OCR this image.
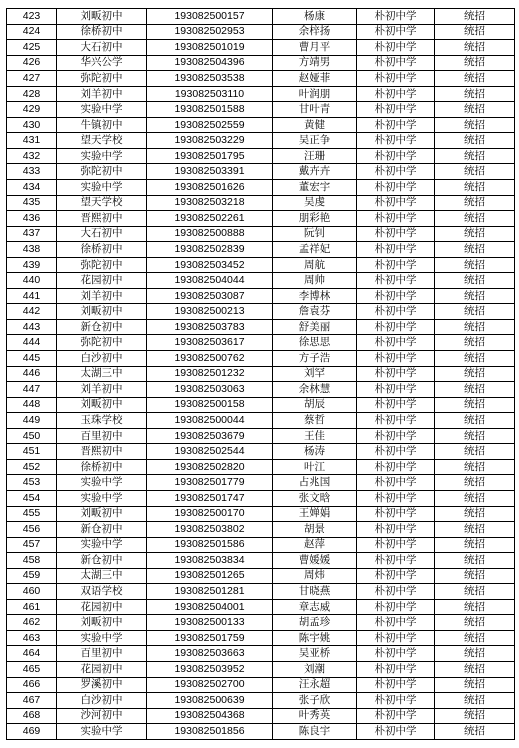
423	刘畈初中	193082500157	杨康	朴初中学	统招
424	徐桥初中	193082502953	余梓扬	朴初中学	统招
425	大石初中	193082501019	曹月平	朴初中学	统招
426	华兴公学	193082504396	方靖男	朴初中学	统招
427	弥陀初中	193082503538	赵娅菲	朴初中学	统招
428	刘羊初中	193082503110	叶润朋	朴初中学	统招
429	实验中学	193082501588	甘叶青	朴初中学	统招
430	牛镇初中	193082502559	黄健	朴初中学	统招
431	望天学校	193082503229	吴正争	朴初中学	统招
432	实验中学	193082501795	汪珊	朴初中学	统招
433	弥陀初中	193082503391	戴卉卉	朴初中学	统招
434	实验中学	193082501626	董宏宇	朴初中学	统招
435	望天学校	193082503218	吴虔	朴初中学	统招
436	晋熙初中	193082502261	朋彩艳	朴初中学	统招
437	大石初中	193082500888	阮钊	朴初中学	统招
438	徐桥初中	193082502839	孟祥妃	朴初中学	统招
439	弥陀初中	193082503452	周航	朴初中学	统招
440	花园初中	193082504044	周帅	朴初中学	统招
441	刘羊初中	193082503087	李博林	朴初中学	统招
442	刘畈初中	193082500213	詹袁芬	朴初中学	统招
443	新仓初中	193082503783	舒美丽	朴初中学	统招
444	弥陀初中	193082503617	徐思思	朴初中学	统招
445	白沙初中	193082500762	方子浩	朴初中学	统招
446	太湖三中	193082501232	刘罕	朴初中学	统招
447	刘羊初中	193082503063	余林慧	朴初中学	统招
448	刘畈初中	193082500158	胡辰	朴初中学	统招
449	玉珠学校	193082500044	蔡哲	朴初中学	统招
450	百里初中	193082503679	王佳	朴初中学	统招
451	晋熙初中	193082502544	杨涛	朴初中学	统招
452	徐桥初中	193082502820	叶江	朴初中学	统招
453	实验中学	193082501779	占兆国	朴初中学	统招
454	实验中学	193082501747	张文晗	朴初中学	统招
455	刘畈初中	193082500170	王婵娟	朴初中学	统招
456	新仓初中	193082503802	胡景	朴初中学	统招
457	实验中学	193082501586	赵萍	朴初中学	统招
458	新仓初中	193082503834	曹媛媛	朴初中学	统招
459	太湖三中	193082501265	周炜	朴初中学	统招
460	双语学校	193082501281	甘晓燕	朴初中学	统招
461	花园初中	193082504001	章志威	朴初中学	统招
462	刘畈初中	193082500133	胡孟珍	朴初中学	统招
463	实验中学	193082501759	陈宇姚	朴初中学	统招
464	百里初中	193082503663	吴亚桥	朴初中学	统招
465	花园初中	193082503952	刘潮	朴初中学	统招
466	罗溪初中	193082502700	汪永超	朴初中学	统招
467	白沙初中	193082500639	张子欣	朴初中学	统招
468	沙河初中	193082504368	叶秀英	朴初中学	统招
469	实验中学	193082501856	陈良宇	朴初中学	统招
